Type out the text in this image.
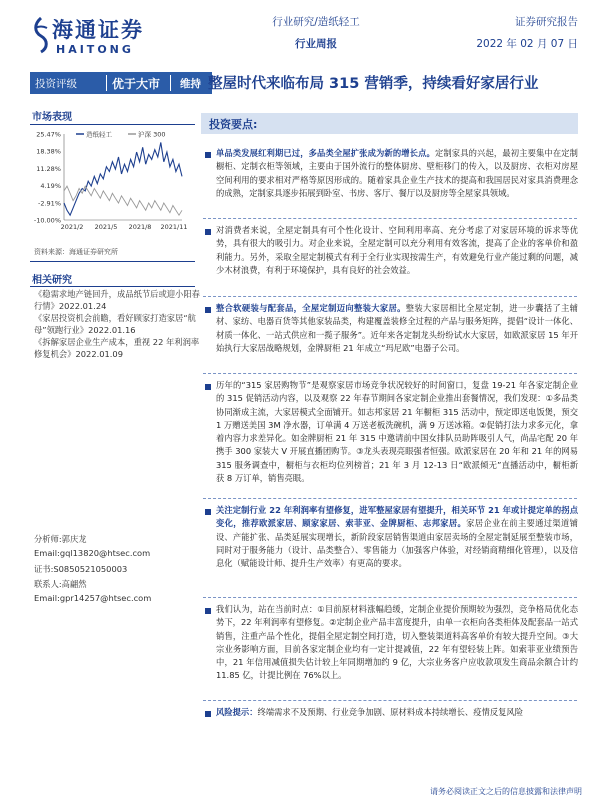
海通证券
HAITONG
行业研究/造纸轻工
行业周报
证券研究报告
2022 年 02 月 07 日
投资评级	优于大市 维持 整屋时代来临布局 315 营销季，持续看好家居行业
市场表现
25.47%
18.38%
11.28%
4.19%
-2.91%
-10.00%
2021/2 2021/5 2021/8 2021/11
造纸轻工	沪深 300
资料来源：海通证券研究所
相关研究
《稳需求地产链回升，成品纸节后或迎小阳春行情》2022.01.24
《家居投资机会前瞻，看好顾家打造家居“航母”领跑行业》2022.01.16
《拆解家居企业生产成本，重视 22 年利润率修复机会》2022.01.09
分析师:郭庆龙
Email:gql13820@htsec.com
证书:S0850521050003
联系人:高翩然
Email:gpr14257@htsec.com
投资要点:
单品类发展红利期已过，多品类全屋扩张成为新的增长点。定制家具的兴起，最初主要集中在定制橱柜、定制衣柜等领域，主要由于国外流行的整体厨房、壁柜移门的传入，以及厨房、衣柜对房屋空间利用的要求相对严格等原因形成的。随着家具企业生产技术的提高和我国居民对家具消费理念的成熟，定制家具逐步拓展到卧室、书房、客厅、餐厅以及厨房等全屋家具领域。
对消费者来说，全屋定制具有可个性化设计、空间利用率高、充分考虑了对家居环境的诉求等优势，具有很大的吸引力。对企业来说，全屋定制可以充分利用有效客流，提高了企业的客单价和盈利能力。另外，采取全屋定制模式有利于全行业实现按需生产，有效避免行业产能过剩的问题，减少木材浪费，有利于环境保护，具有良好的社会效益。
整合软硬装与配套品，全屋定制迈向整装大家居。整装大家居相比全屋定制，进一步囊括了主辅材、家纺、电器百货等其他家装品类，构建覆盖装修全过程的产品与服务矩阵，提倡“设计一体化、材质一体化、一站式供应和一揽子服务”。近年来各定制龙头纷纷试水大家居，如欧派家居 15 年开始执行大家居战略规划，金牌厨柜 21 年成立“玛尼欧”电器子公司。
历年的“315 家居购物节”是观察家居市场竞争状况较好的时间窗口，复盘 19-21 年各家定制企业的 315 促销活动内容，以及观察 22 年春节期间各家定制企业推出套餐情况，我们发现：①多品类协同渐成主流，大家居模式全面铺开。如志邦家居 21 年橱柜 315 活动中，预定即送电饭煲，预交 1 万赠送美国 3M 净水器，订单满 4 万送老板洗碗机，满 9 万送冰箱。②促销打法力求多元化，拿着内容力求差异化。如金牌厨柜 21 年 315 中邀请前中国女排队员助阵吸引人气，尚品宅配 20 年携手 300 家装大 V 开展直播团购节。③龙头表现亮眼强者恒强。欧派家居在 20 年和 21 年的网易 315 服务调查中，橱柜与衣柜均位列榜首；21 年 3 月 12-13 日“欧派倾无”直播活动中，橱柜新获 8 万订单，销售亮眼。
关注定制行业 22 年利润率有望修复，进军整屋家居有望提升，相关环节 21 年或计提定单的拐点变化，推荐欧派家居、顾家家居、索菲亚、金牌厨柜、志邦家居。家居企业在前主要通过渠道铺设、产能扩张、品类延展实现增长，新阶段家居销售渠道由家居卖场的全屋定制延展至整装市场，同时对于服务能力（设计、品类整合）、零售能力（加强客户体验，对经销商精细化管理），以及信息化（赋能设计师、提升生产效率）有更高的要求。
我们认为，站在当前时点：①目前原材料涨幅趋缓，定制企业提价预期较为强烈，竞争格局优化态势下，22 年利润率有望修复。②定制企业产品丰富度提升，由单一衣柜向各类柜体及配套品一站式销售，注重产品个性化，提倡全屋定制空间打造，切入整装渠道料高客单价有较大提升空间。③大宗业务影响方面，目前各家定制企业均有一定计提减值，22 年有望轻装上阵。如索菲亚业绩预告中，21 年信用减值损失估计较上年同期增加约 9 亿，大宗业务客户应收款项发生商品余额合计约 11.85 亿，计提比例在 76%以上。
风险提示：终端需求不及预期、行业竞争加剧、原材料成本持续增长、疫情反复风险
请务必阅读正文之后的信息披露和法律声明
